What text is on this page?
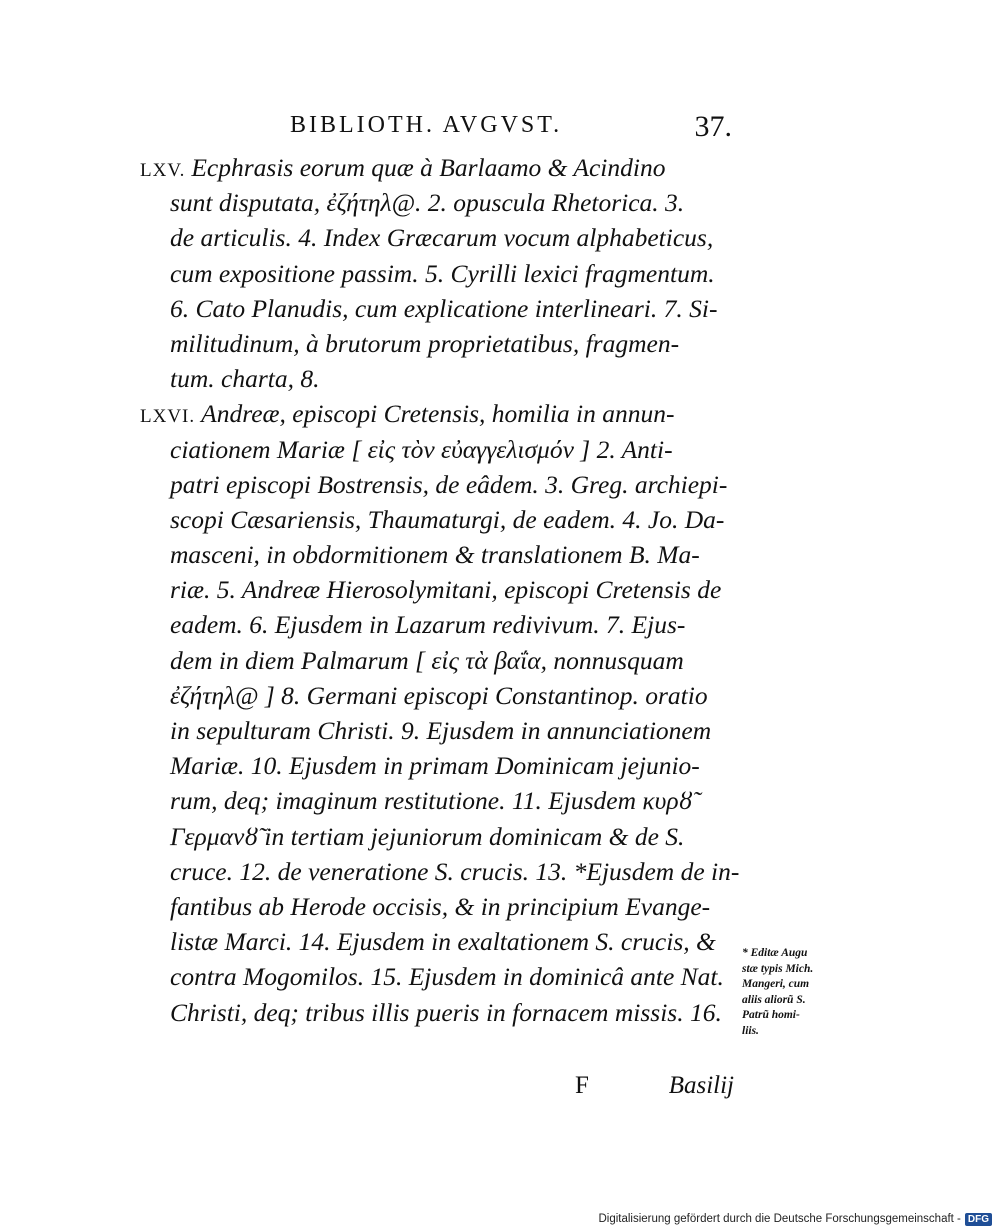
BIBLIOTH. AVGVST.	37.
LXV. Ecphrasis eorum quæ à Barlaamo & Acindino
sunt disputata, ἐζήτηλ@. 2. opuscula Rhetorica. 3.
de articulis. 4. Index Græcarum vocum alphabeticus,
cum expositione passim. 5. Cyrilli lexici fragmentum.
6. Cato Planudis, cum explicatione interlineari. 7. Si-
militudinum, à brutorum proprietatibus, fragmen-
tum. charta, 8.
LXVI. Andreæ, episcopi Cretensis, homilia in annun-
ciationem Mariæ [ εἰς τὸν εὐαγγελισμόν ] 2. Anti-
patri episcopi Bostrensis, de eâdem. 3. Greg. archiepi-
scopi Cæsariensis, Thaumaturgi, de eadem. 4. Jo. Da-
masceni, in obdormitionem & translationem B. Ma-
riæ. 5. Andreæ Hierosolymitani, episcopi Cretensis de
eadem. 6. Ejusdem in Lazarum redivivum. 7. Ejus-
dem in diem Palmarum [ εἰς τὰ βαΐα, nonnusquam
ἐζήτηλ@ ] 8. Germani episcopi Constantinop. oratio
in sepulturam Christi. 9. Ejusdem in annunciationem
Mariæ. 10. Ejusdem in primam Dominicam jejunio-
rum, deq; imaginum restitutione. 11. Ejusdem κυρȣ̃
Γερμανȣ̃ in tertiam jejuniorum dominicam & de S.
cruce. 12. de veneratione S. crucis. 13. *Ejusdem de in-
fantibus ab Herode occisis, & in principium Evange-
listæ Marci. 14. Ejusdem in exaltationem S. crucis, &
contra Mogomilos. 15. Ejusdem in dominicâ ante Nat.
Christi, deq; tribus illis pueris in fornacem missis. 16.
* Editæ Augu
stæ typis Mich.
Mangeri, cum
aliis aliorũ S.
Patrũ homi-
liis.
F	Basilij
Digitalisierung gefördert durch die Deutsche Forschungsgemeinschaft - DFG
